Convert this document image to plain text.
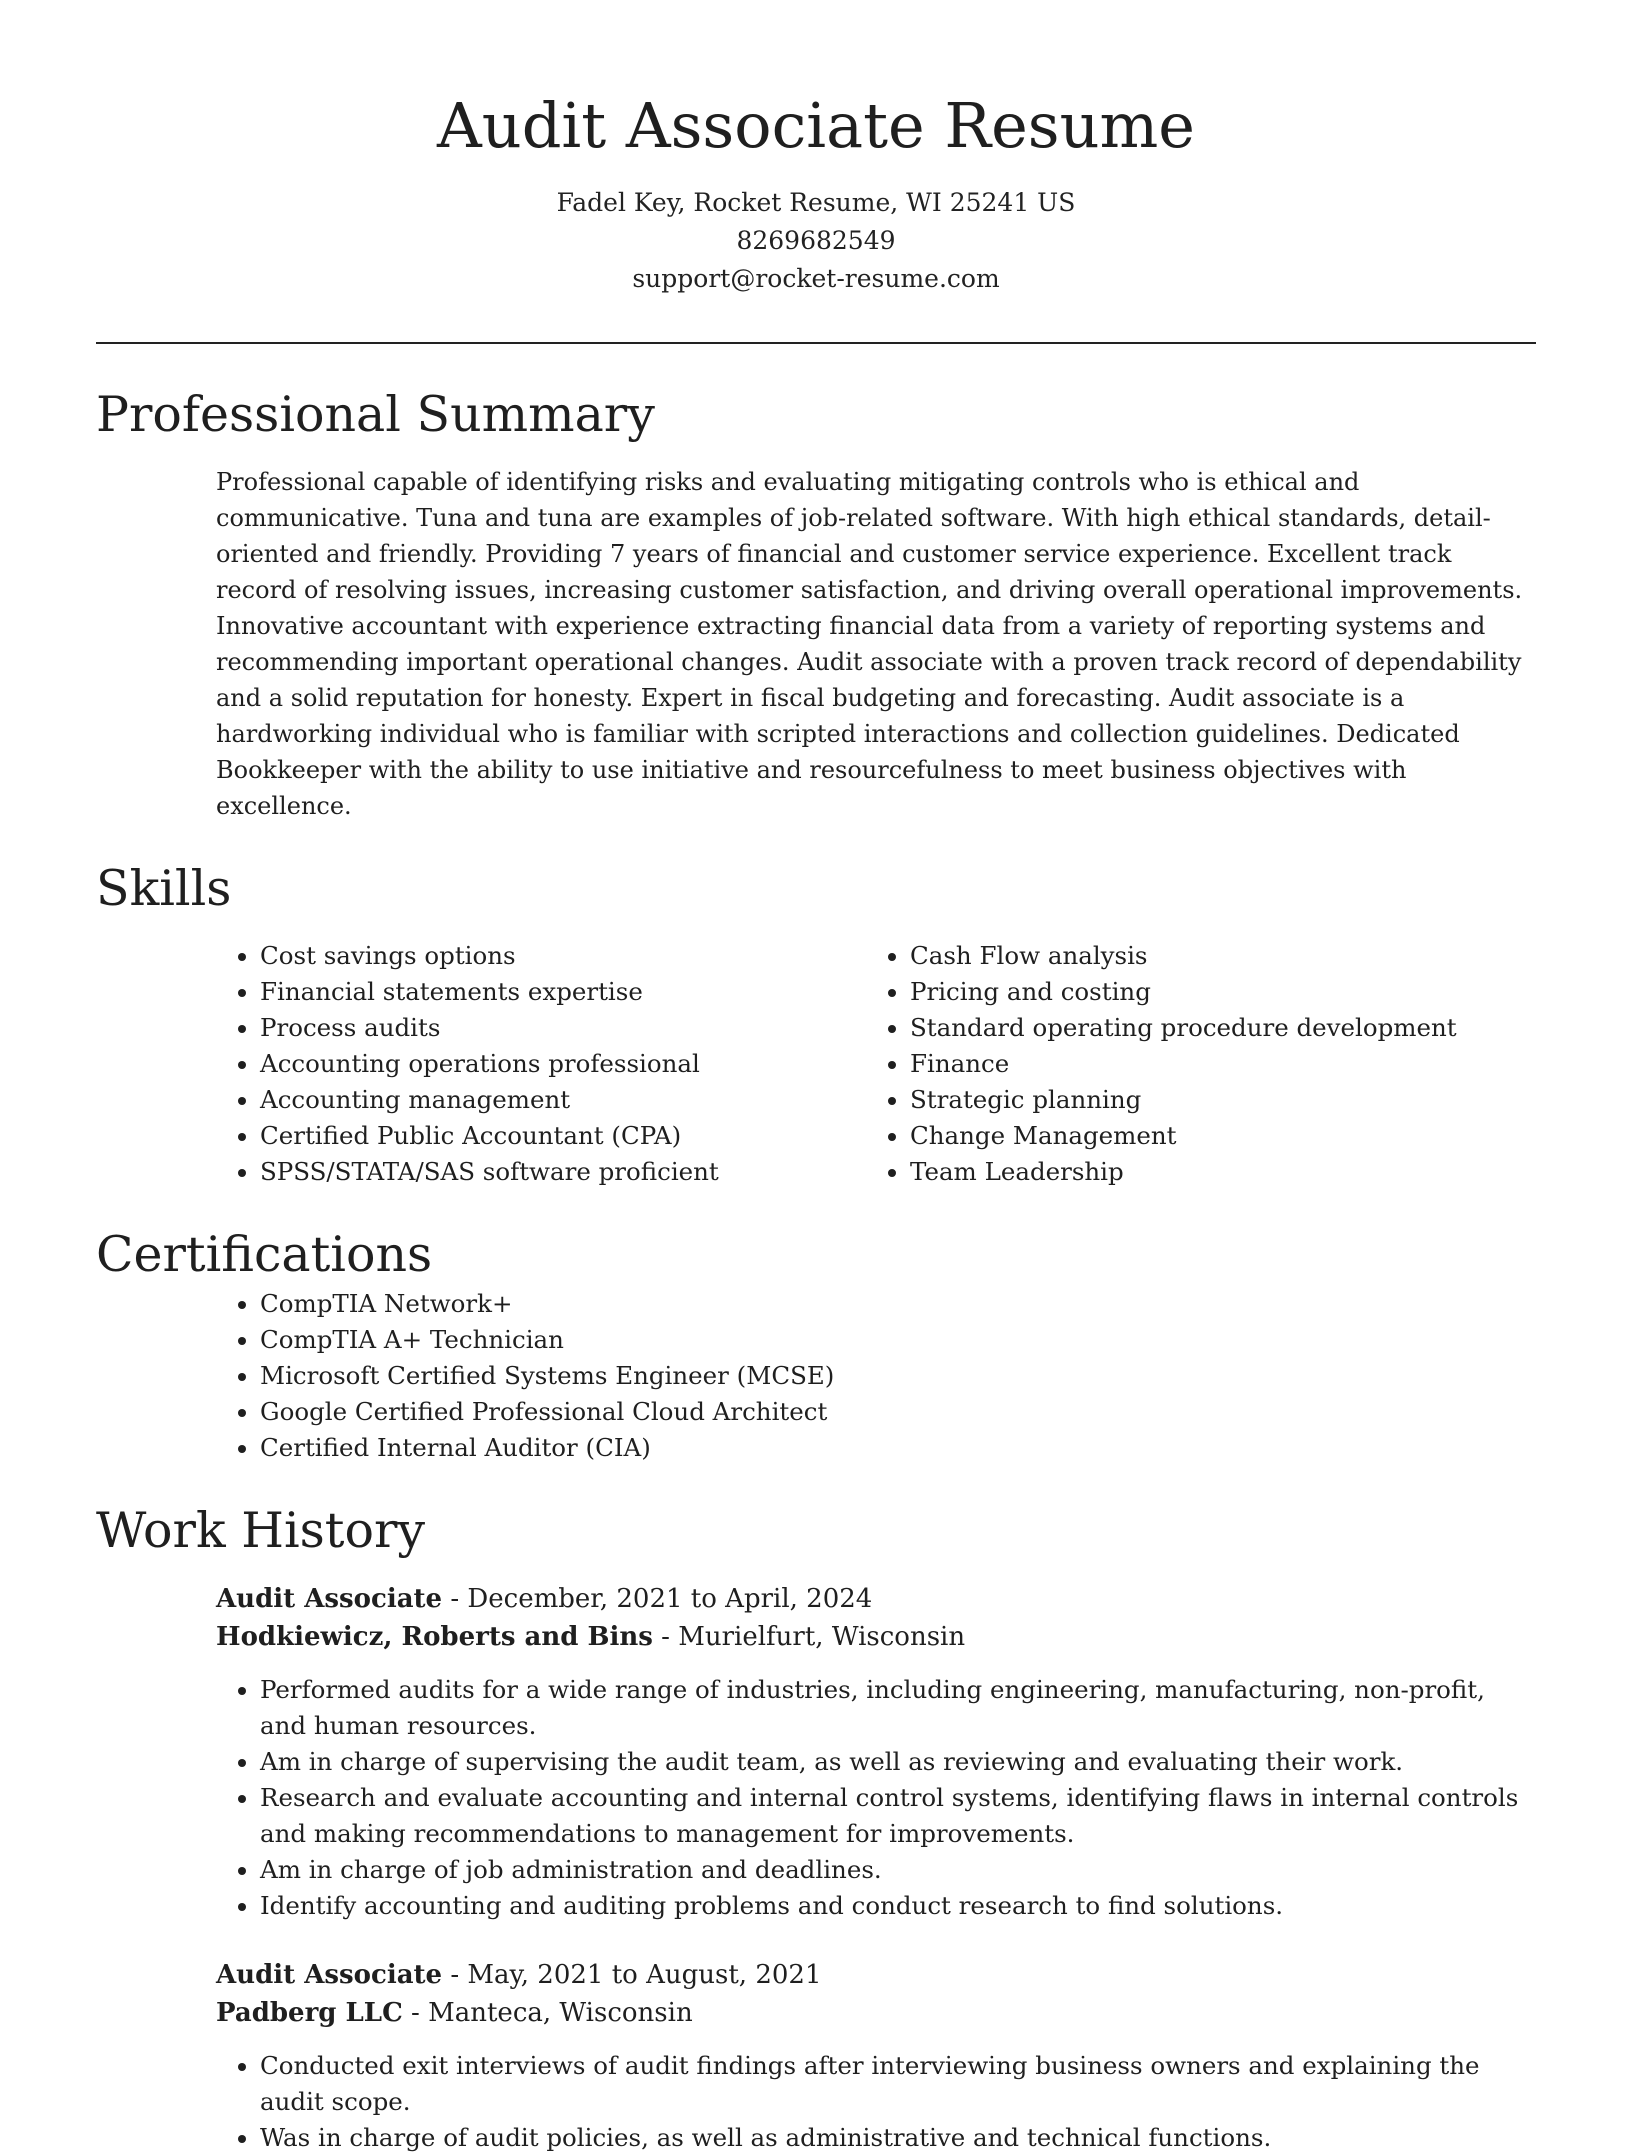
Audit Associate Resume
Fadel Key, Rocket Resume, WI 25241 US
8269682549
support@rocket-resume.com
Professional Summary

Professional capable of identifying risks and evaluating mitigating controls who is ethical and communicative. Tuna and tuna are examples of job-related software. With high ethical standards, detail-oriented and friendly. Providing 7 years of financial and customer service experience. Excellent track record of resolving issues, increasing customer satisfaction, and driving overall operational improvements. Innovative accountant with experience extracting financial data from a variety of reporting systems and recommending important operational changes. Audit associate with a proven track record of dependability and a solid reputation for honesty. Expert in fiscal budgeting and forecasting. Audit associate is a hardworking individual who is familiar with scripted interactions and collection guidelines. Dedicated Bookkeeper with the ability to use initiative and resourcefulness to meet business objectives with excellence.

Skills
• Cost savings options
• Financial statements expertise
• Process audits
• Accounting operations professional
• Accounting management
• Certified Public Accountant (CPA)
• SPSS/STATA/SAS software proficient
• Cash Flow analysis
• Pricing and costing
• Standard operating procedure development
• Finance
• Strategic planning
• Change Management
• Team Leadership
Certifications
• CompTIA Network+
• CompTIA A+ Technician
• Microsoft Certified Systems Engineer (MCSE)
• Google Certified Professional Cloud Architect
• Certified Internal Auditor (CIA)
Work History
Audit Associate - December, 2021 to April, 2024
Hodkiewicz, Roberts and Bins - Murielfurt, Wisconsin
• Performed audits for a wide range of industries, including engineering, manufacturing, non-profit, and human resources.
• Am in charge of supervising the audit team, as well as reviewing and evaluating their work.
• Research and evaluate accounting and internal control systems, identifying flaws in internal controls and making recommendations to management for improvements.
• Am in charge of job administration and deadlines.
• Identify accounting and auditing problems and conduct research to find solutions.
Audit Associate - May, 2021 to August, 2021
Padberg LLC - Manteca, Wisconsin
• Conducted exit interviews of audit findings after interviewing business owners and explaining the audit scope.
• Was in charge of audit policies, as well as administrative and technical functions.
